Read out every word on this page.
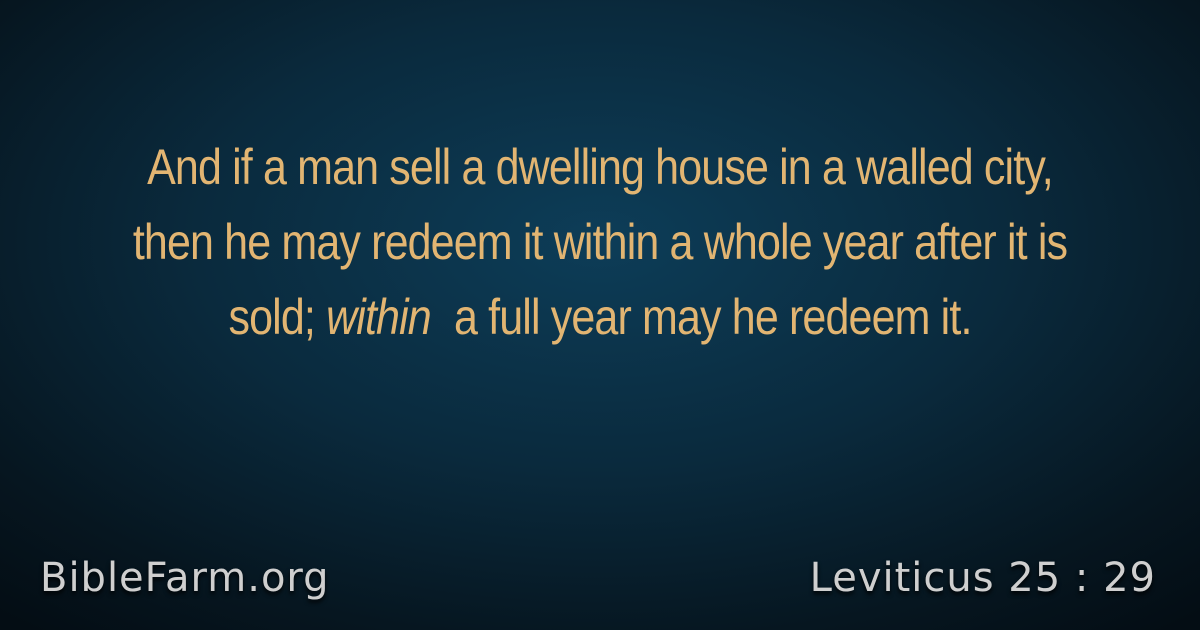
And if a man sell a dwelling house in a walled city, then he may redeem it within a whole year after it is sold; within a full year may he redeem it.

BibleFarm.org	Leviticus 25 : 29
